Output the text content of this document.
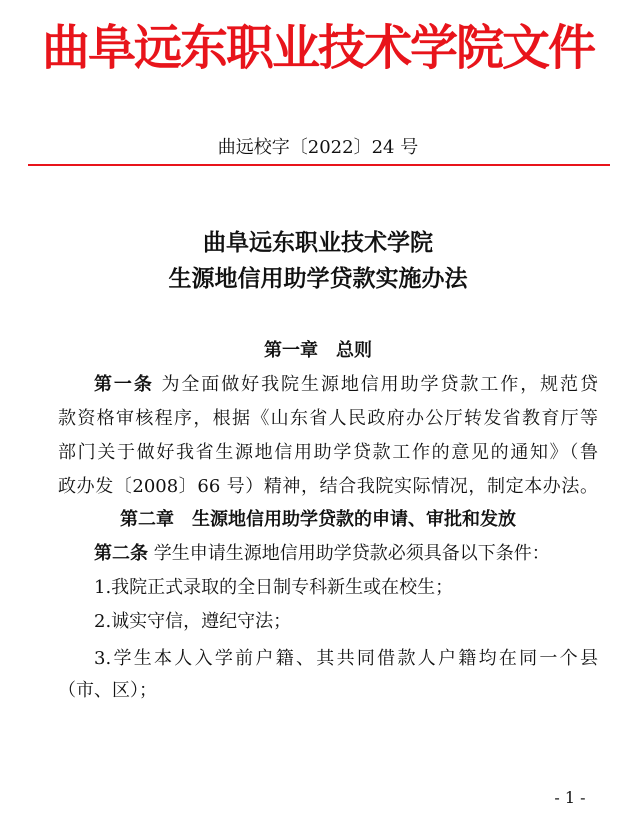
曲阜远东职业技术学院文件
曲远校字〔2022〕24 号
曲阜远东职业技术学院
生源地信用助学贷款实施办法
第一章　总则
第一条 为全面做好我院生源地信用助学贷款工作，规范贷
款资格审核程序，根据《山东省人民政府办公厅转发省教育厅等
部门关于做好我省生源地信用助学贷款工作的意见的通知》（鲁
政办发〔2008〕66 号）精神，结合我院实际情况，制定本办法。
第二章　生源地信用助学贷款的申请、审批和发放
第二条 学生申请生源地信用助学贷款必须具备以下条件：
1.我院正式录取的全日制专科新生或在校生；
2.诚实守信，遵纪守法；
3.学生本人入学前户籍、其共同借款人户籍均在同一个县
（市、区）；
- 1 -
